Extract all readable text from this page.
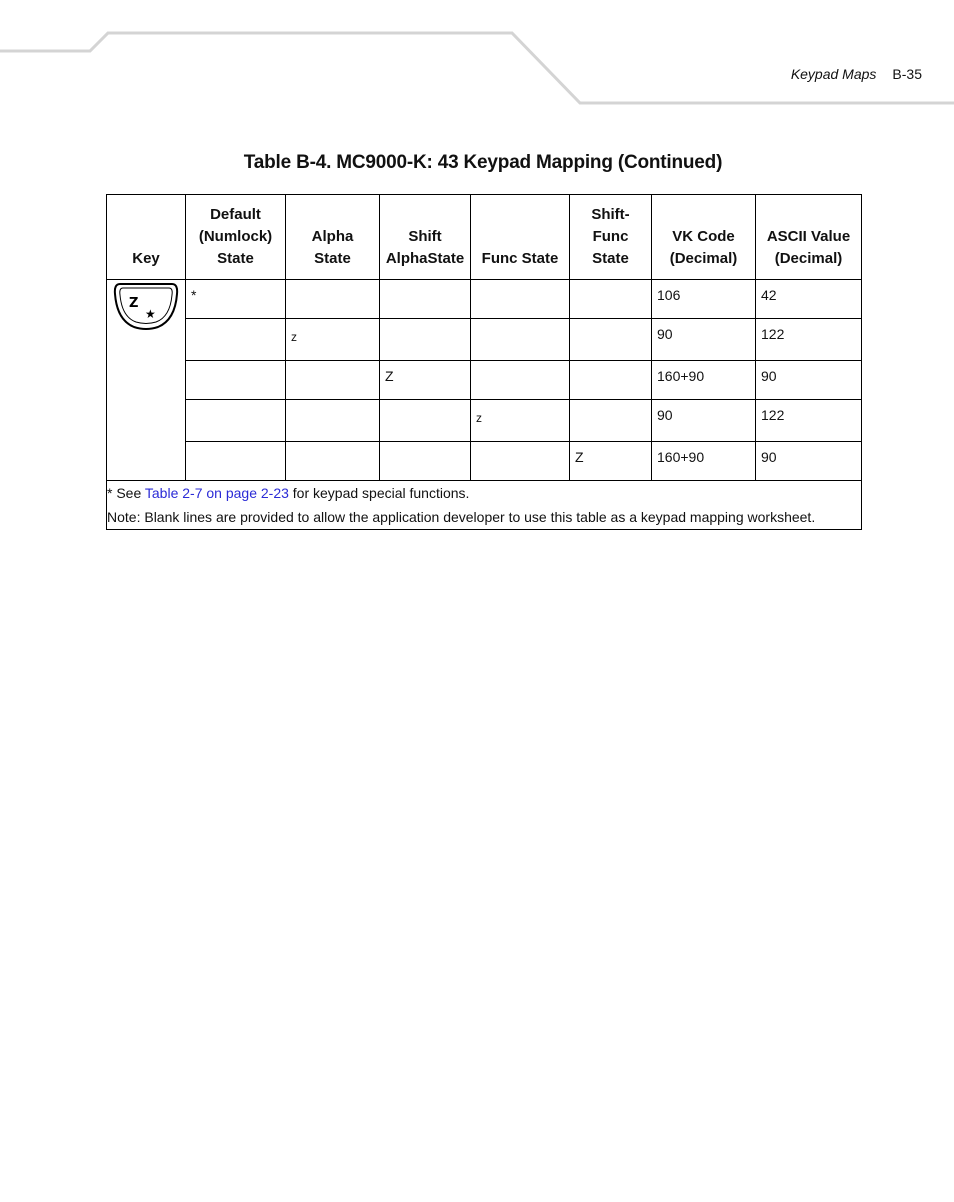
Keypad Maps B-35
Table B-4. MC9000-K: 43 Keypad Mapping (Continued)
Key	Default
(Numlock)
State	Alpha
State	Shift
AlphaState	Func State	Shift-
Func
State	VK Code
(Decimal)	ASCII Value
(Decimal)

Z
★	*					106	42
		z				90	122
			Z			160+90	90
				z		90	122
					Z	160+90	90

* See Table 2-7 on page 2-23 for keypad special functions.
Note: Blank lines are provided to allow the application developer to use this table as a keypad mapping worksheet.							
